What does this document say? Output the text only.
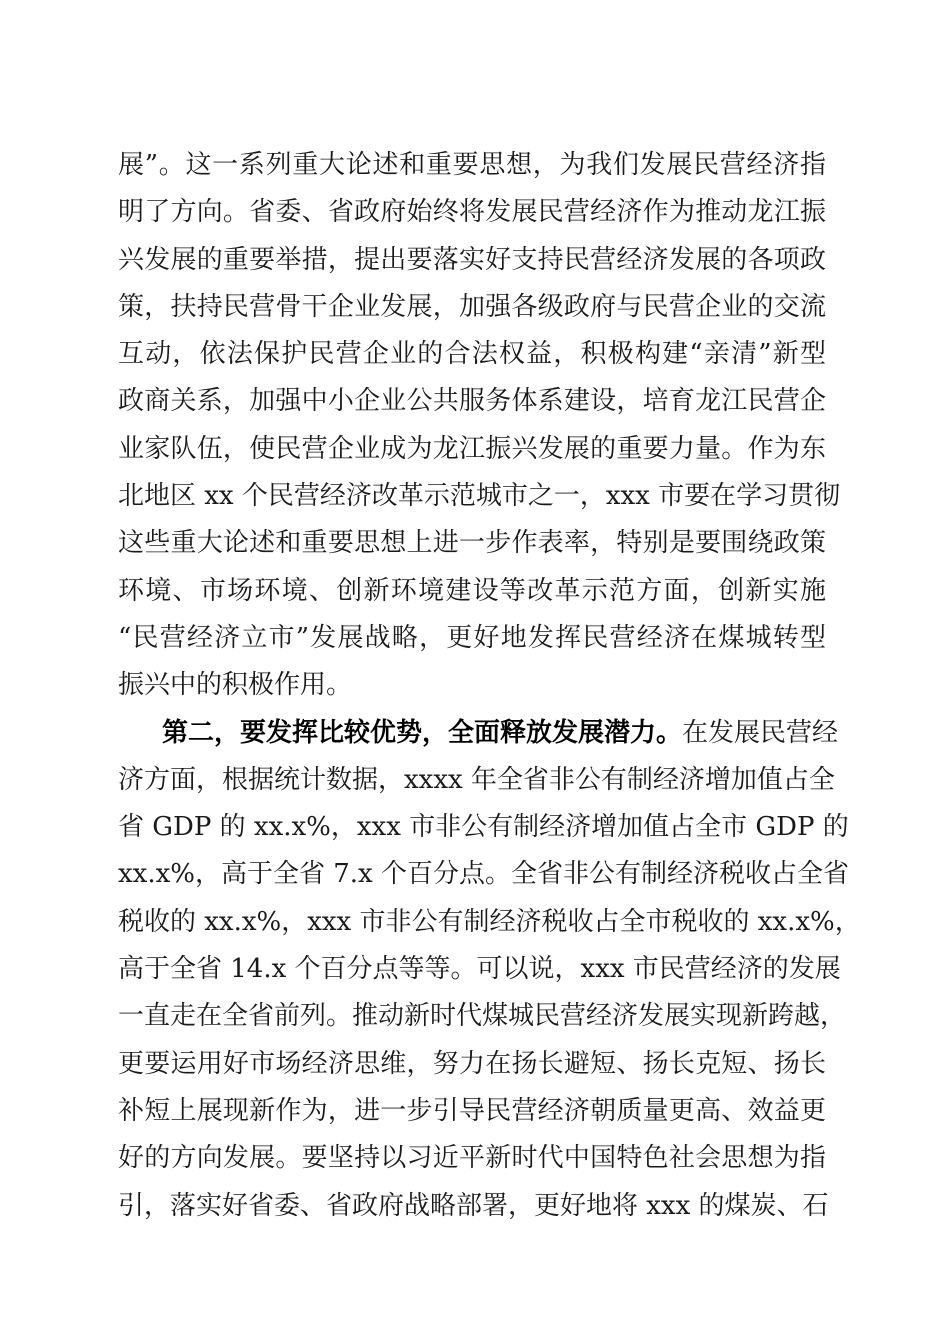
展”。这一系列重大论述和重要思想，为我们发展民营经济指
明了方向。省委、省政府始终将发展民营经济作为推动龙江振
兴发展的重要举措，提出要落实好支持民营经济发展的各项政
策，扶持民营骨干企业发展，加强各级政府与民营企业的交流
互动，依法保护民营企业的合法权益，积极构建“亲清”新型
政商关系，加强中小企业公共服务体系建设，培育龙江民营企
业家队伍，使民营企业成为龙江振兴发展的重要力量。作为东
北地区 xx 个民营经济改革示范城市之一，xxx 市要在学习贯彻
这些重大论述和重要思想上进一步作表率，特别是要围绕政策
环境、市场环境、创新环境建设等改革示范方面，创新实施
“民营经济立市”发展战略，更好地发挥民营经济在煤城转型
振兴中的积极作用。
第二，要发挥比较优势，全面释放发展潜力。在发展民营经
济方面，根据统计数据，xxxx 年全省非公有制经济增加值占全
省 GDP 的 xx.x%，xxx 市非公有制经济增加值占全市 GDP 的
xx.x%，高于全省 7.x 个百分点。全省非公有制经济税收占全省
税收的 xx.x%，xxx 市非公有制经济税收占全市税收的 xx.x%，
高于全省 14.x 个百分点等等。可以说，xxx 市民营经济的发展
一直走在全省前列。推动新时代煤城民营经济发展实现新跨越，
更要运用好市场经济思维，努力在扬长避短、扬长克短、扬长
补短上展现新作为，进一步引导民营经济朝质量更高、效益更
好的方向发展。要坚持以习近平新时代中国特色社会思想为指
引，落实好省委、省政府战略部署，更好地将 xxx 的煤炭、石
